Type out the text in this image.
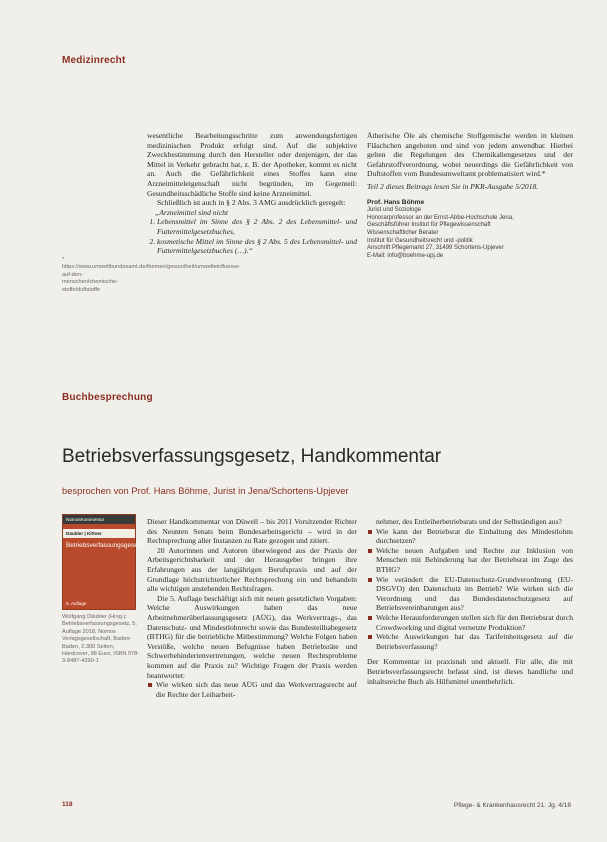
Medizinrecht
* https://www.umweltbundesamt.de/themen/gesundheit/umwelteinfluesse-auf-den-menschen/chemische-stoffe/duftstoffe

wesentliche Bearbeitungsschritte zum anwendungsfertigen medizinischen Produkt erfolgt sind. Auf die subjektive Zweckbestimmung durch den Hersteller oder denjenigen, der das Mittel in Verkehr gebracht hat, z. B. der Apotheker, kommt es nicht an. Auch die Gefährlichkeit eines Stoffes kann eine Arzneimitteleigenschaft nicht begründen, im Gegenteil: Gesundheitsschädliche Stoffe sind keine Arzneimittel.

Schließlich ist auch in § 2 Abs. 3 AMG ausdrücklich geregelt:

„Arzneimittel sind nicht

1. Lebensmittel im Sinne des § 2 Abs. 2 des Lebensmittel- und Futtermittelgesetzbuches,
2. kosmetische Mittel im Sinne des § 2 Abs. 5 des Lebensmittel- und Futtermittelgesetzbuches (…).“

Ätherische Öle als chemische Stoffgemische werden in kleinen Fläschchen angeboten und sind von jedem anwendbar. Hierbei gelten die Regelungen des Chemikaliengesetzes und der Gefahrstoffverordnung, wobei neuerdings die Gefährlichkeit von Duftstoffen vom Bundesumweltamt problematisiert wird.*

Teil 2 dieses Beitrags lesen Sie in PKR-Ausgabe 5/2018.

Prof. Hans Böhme
Jurist und Soziologe
Honorarprofessor an der Ernst-Abbe-Hochschule Jena,
Geschäftsführer Institut für Pflegewissenschaft
Wissenschaftlicher Berater
Institut für Gesundheitsrecht und -politik
Anschrift Pflegemarkt 27, 31499 Schortens-Upjever
E-Mail: info@boehme-upj.de
Buchbesprechung
Betriebsverfassungsgesetz, Handkommentar
besprochen von Prof. Hans Böhme, Jurist in Jena/Schortens-Upjever
NomosKommentar
Däubler | Kittner
Betriebsverfassungsgesetz
5. Auflage
Wolfgang Däubler (Hrsg.): Betriebsverfassungsgesetz, 5. Auflage 2018, Nomos Verlagsgesellschaft, Baden-Baden, 2.300 Seiten, Hardcover, 98 Euro, ISBN 978-3-8487-4390-1

Dieser Handkommentar von Düwell – bis 2011 Vorsitzender Richter des Neunten Senats beim Bundesarbeitsgericht – wird in der Rechtsprechung aller Instanzen zu Rate gezogen und zitiert.

20 Autorinnen und Autoren überwiegend aus der Praxis der Arbeitsgerichtsbarkeit und der Herausgeber bringen ihre Erfahrungen aus der langjährigen Berufspraxis und auf der Grundlage höchstrichterlicher Rechtsprechung ein und behandeln alle wichtigen anstehenden Rechtsfragen.

Die 5. Auflage beschäftigt sich mit neuen gesetzlichen Vorgaben: Welche Auswirkungen haben das neue Arbeitnehmerüberlassungsgesetz (AÜG), das Werkvertrags-, das Datenschutz- und Mindestlohnrecht sowie das Bundesteilhabegesetz (BTHG) für die betriebliche Mitbestimmung? Welche Folgen haben Verstöße, welche neuen Befugnisse haben Betriebsräte und Schwerbehindertenvertretungen, welche neuen Rechtsprobleme kommen auf die Praxis zu? Wichtige Fragen der Praxis werden beantwortet:

Wie wirken sich das neue AÜG und das Werkvertragsrecht auf die Rechte der Leiharbeit-

nehmer, des Entleiherbetriebsrats und der Selbständigen aus?

Wie kann der Betriebsrat die Einhaltung des Mindestlohns durchsetzen?
Welche neuen Aufgaben und Rechte zur Inklusion von Menschen mit Behinderung hat der Betriebsrat im Zuge des BTHG?
Wie verändert die EU-Datenschutz-Grundverordnung (EU-DSGVO) den Datenschutz im Betrieb? Wie wirken sich die Verordnung und das Bundesdatenschutzgesetz auf Betriebsvereinbarungen aus?
Welche Herausforderungen stellen sich für den Betriebsrat durch Crowdworking und digital vernetzte Produktion?
Welche Auswirkungen hat das Tarifeinheitsgesetz auf die Betriebsverfassung?

Der Kommentar ist praxisnah und aktuell. Für alle, die mit Betriebsverfassungsrecht befasst sind, ist dieses handliche und inhaltsreiche Buch als Hilfsmittel unentbehrlich.

118	Pflege- & Krankenhausrecht 21. Jg. 4/18
